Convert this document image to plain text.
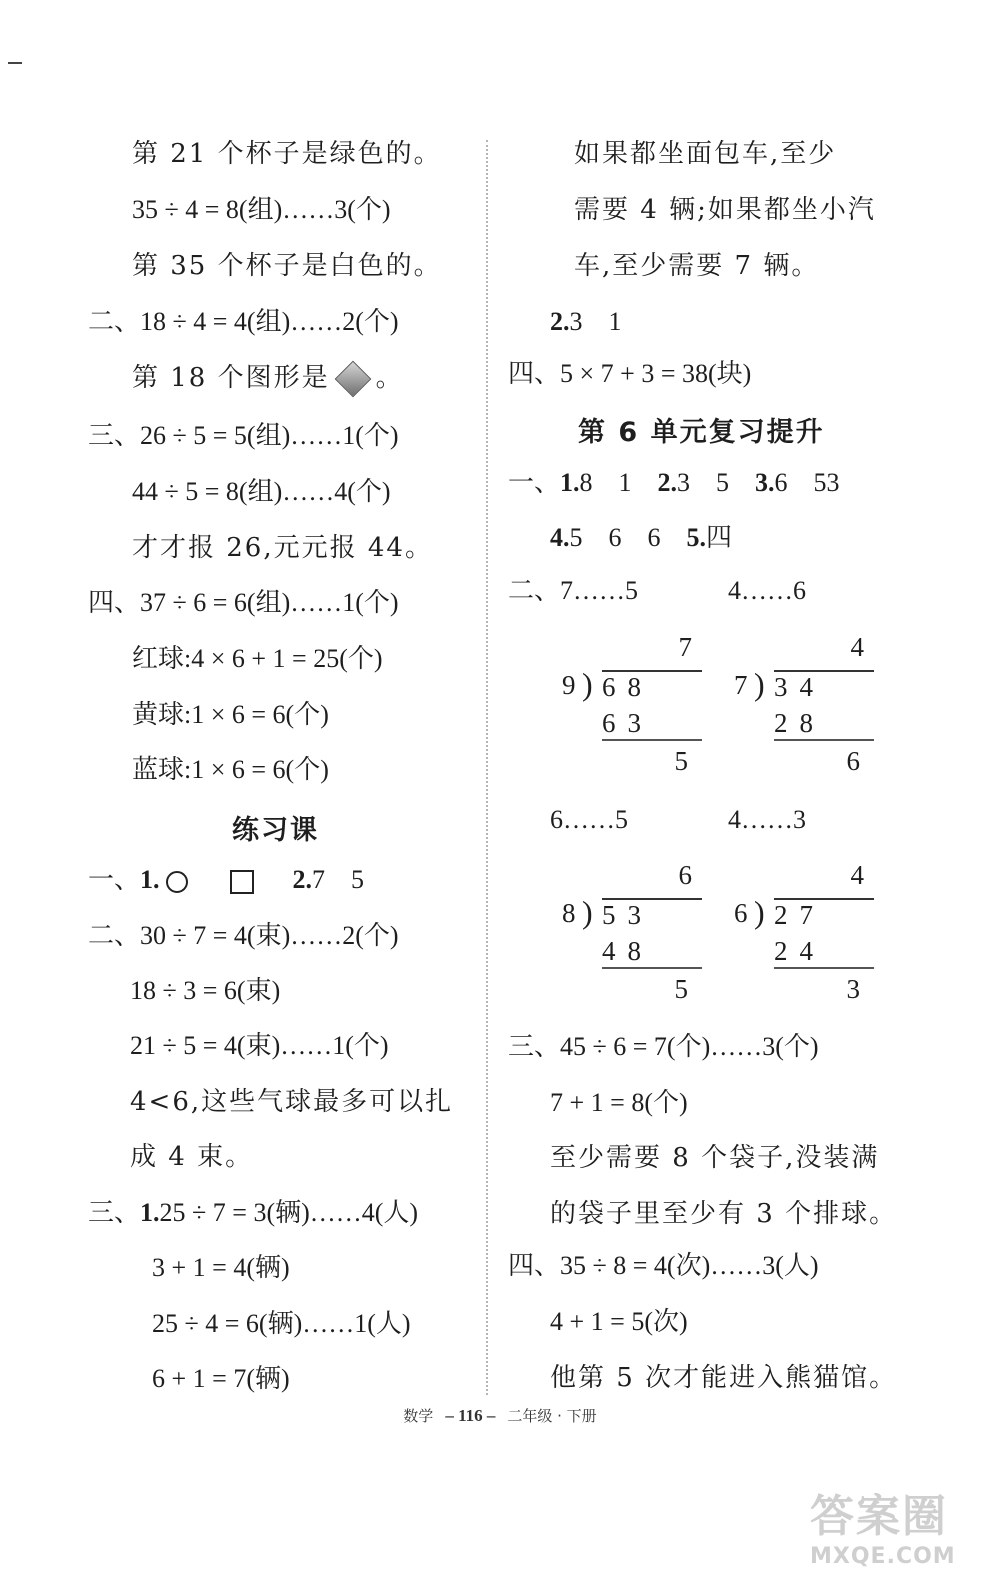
第 21 个杯子是绿色的。
35 ÷ 4 = 8(组)……3(个)
第 35 个杯子是白色的。
二、18 ÷ 4 = 4(组)……2(个)
第 18 个图形是 。
三、26 ÷ 5 = 5(组)……1(个)
44 ÷ 5 = 8(组)……4(个)
才才报 26,元元报 44。
四、37 ÷ 6 = 6(组)……1(个)
红球:4 × 6 + 1 = 25(个)
黄球:1 × 6 = 6(个)
蓝球:1 × 6 = 6(个)
练习课
一、1.	2.7　5
二、30 ÷ 7 = 4(束)……2(个)
18 ÷ 3 = 6(束)
21 ÷ 5 = 4(束)……1(个)
4<6,这些气球最多可以扎
成 4 束。
三、1.25 ÷ 7 = 3(辆)……4(人)
3 + 1 = 4(辆)
25 ÷ 4 = 6(辆)……1(人)
6 + 1 = 7(辆)
如果都坐面包车,至少
需要 4 辆;如果都坐小汽
车,至少需要 7 辆。
2.3　1
四、5 × 7 + 3 = 38(块)
第 6 单元复习提升
一、1.8　1　2.3　5　3.6　53
4.5　6　6　5.四
二、7……5	4……6
7
9 ) 68
63
5
4
7 ) 34
28
6
6……5	4……3
6
8 ) 53
48
5
4
6 ) 27
24
3
三、45 ÷ 6 = 7(个)……3(个)
7 + 1 = 8(个)
至少需要 8 个袋子,没装满
的袋子里至少有 3 个排球。
四、35 ÷ 8 = 4(次)……3(人)
4 + 1 = 5(次)
他第 5 次才能进入熊猫馆。
数学 – 116 – 二年级 · 下册
答案圈
MXQE.COM
